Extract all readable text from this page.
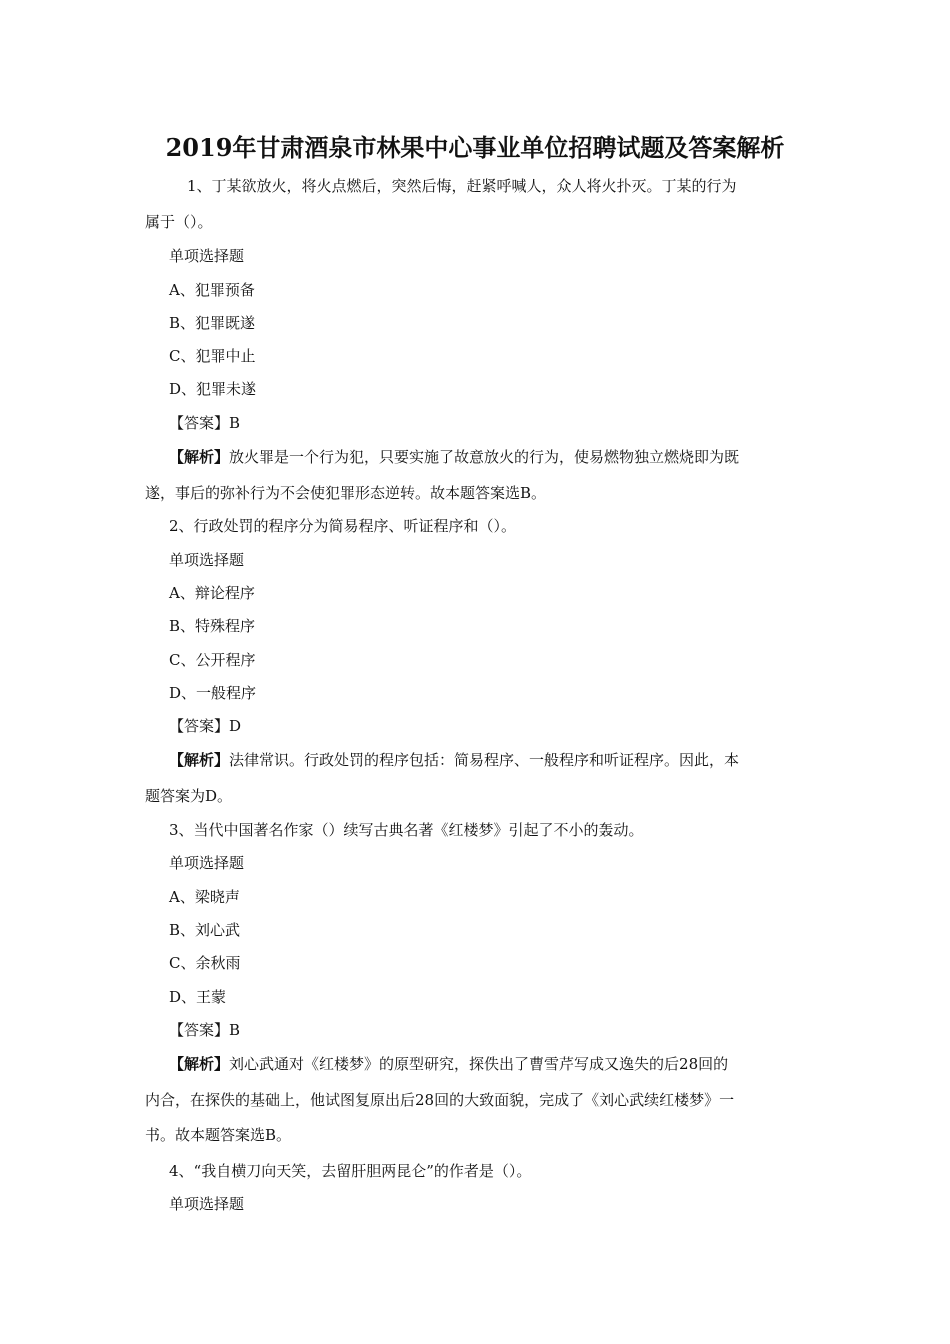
2019年甘肃酒泉市林果中心事业单位招聘试题及答案解析
1、丁某欲放火，将火点燃后，突然后悔，赶紧呼喊人，众人将火扑灭。丁某的行为
属于（）。
单项选择题
A、犯罪预备
B、犯罪既遂
C、犯罪中止
D、犯罪未遂
【答案】B
【解析】放火罪是一个行为犯，只要实施了故意放火的行为，使易燃物独立燃烧即为既
遂，事后的弥补行为不会使犯罪形态逆转。故本题答案选B。
2、行政处罚的程序分为简易程序、听证程序和（）。
单项选择题
A、辩论程序
B、特殊程序
C、公开程序
D、一般程序
【答案】D
【解析】法律常识。行政处罚的程序包括：简易程序、一般程序和听证程序。因此，本
题答案为D。
3、当代中国著名作家（）续写古典名著《红楼梦》引起了不小的轰动。
单项选择题
A、梁晓声
B、刘心武
C、余秋雨
D、王蒙
【答案】B
【解析】刘心武通对《红楼梦》的原型研究，探佚出了曹雪芹写成又逸失的后28回的
内合，在探佚的基础上，他试图复原出后28回的大致面貌，完成了《刘心武续红楼梦》一
书。故本题答案选B。
4、“我自横刀向天笑，去留肝胆两昆仑”的作者是（）。
单项选择题
